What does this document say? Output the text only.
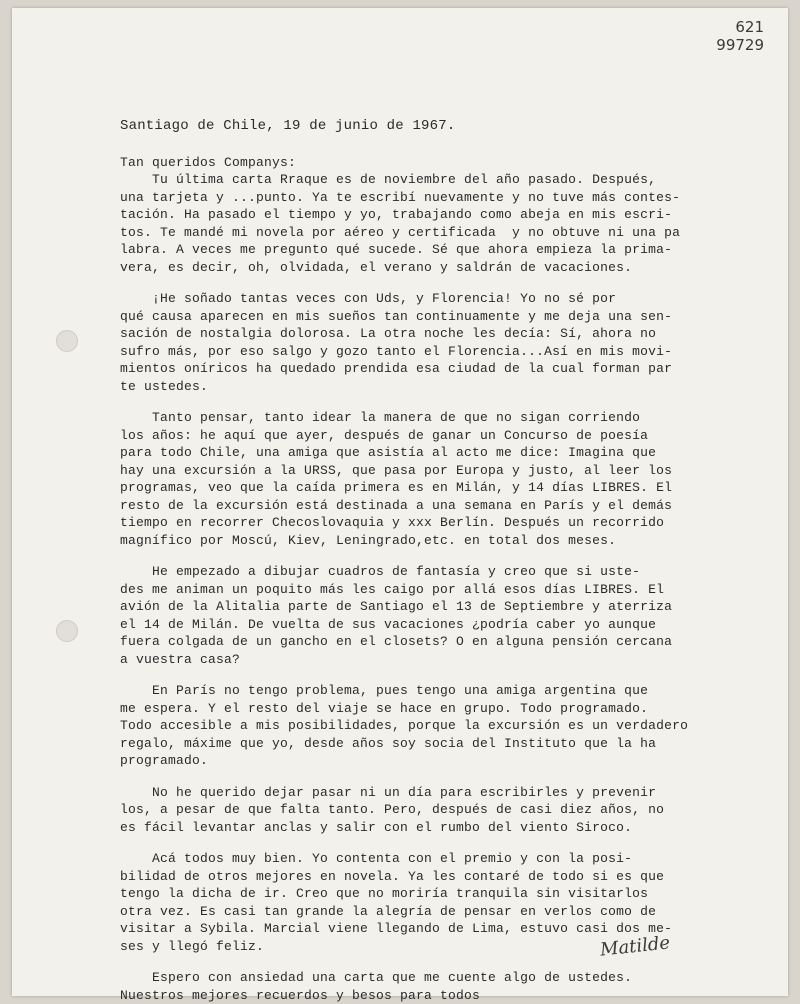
621
99729
Santiago de Chile, 19 de junio de 1967.
Tan queridos Companys:
Tu última carta Rraque es de noviembre del año pasado. Después,
una tarjeta y ...punto. Ya te escribí nuevamente y no tuve más contes-
tación. Ha pasado el tiempo y yo, trabajando como abeja en mis escri-
tos. Te mandé mi novela por aéreo y certificada  y no obtuve ni una pa
labra. A veces me pregunto qué sucede. Sé que ahora empieza la prima-
vera, es decir, oh, olvidada, el verano y saldrán de vacaciones.
¡He soñado tantas veces con Uds, y Florencia! Yo no sé por
qué causa aparecen en mis sueños tan continuamente y me deja una sen-
sación de nostalgia dolorosa. La otra noche les decía: Sí, ahora no
sufro más, por eso salgo y gozo tanto el Florencia...Así en mis movi-
mientos oníricos ha quedado prendida esa ciudad de la cual forman par
te ustedes.
Tanto pensar, tanto idear la manera de que no sigan corriendo
los años: he aquí que ayer, después de ganar un Concurso de poesía
para todo Chile, una amiga que asistía al acto me dice: Imagina que
hay una excursión a la URSS, que pasa por Europa y justo, al leer los
programas, veo que la caída primera es en Milán, y 14 días LIBRES. El
resto de la excursión está destinada a una semana en París y el demás
tiempo en recorrer Checoslovaquia y xxx Berlín. Después un recorrido
magnífico por Moscú, Kiev, Leningrado,etc. en total dos meses.
He empezado a dibujar cuadros de fantasía y creo que si uste-
des me animan un poquito más les caigo por allá esos días LIBRES. El
avión de la Alitalia parte de Santiago el 13 de Septiembre y aterriza
el 14 de Milán. De vuelta de sus vacaciones ¿podría caber yo aunque
fuera colgada de un gancho en el closets? O en alguna pensión cercana
a vuestra casa?
En París no tengo problema, pues tengo una amiga argentina que
me espera. Y el resto del viaje se hace en grupo. Todo programado.
Todo accesible a mis posibilidades, porque la excursión es un verdadero
regalo, máxime que yo, desde años soy socia del Instituto que la ha
programado.
No he querido dejar pasar ni un día para escribirles y prevenir
los, a pesar de que falta tanto. Pero, después de casi diez años, no
es fácil levantar anclas y salir con el rumbo del viento Siroco.
Acá todos muy bien. Yo contenta con el premio y con la posi-
bilidad de otros mejores en novela. Ya les contaré de todo si es que
tengo la dicha de ir. Creo que no moriría tranquila sin visitarlos
otra vez. Es casi tan grande la alegría de pensar en verlos como de
visitar a Sybila. Marcial viene llegando de Lima, estuvo casi dos me-
ses y llegó feliz.
Espero con ansiedad una carta que me cuente algo de ustedes.
Nuestros mejores recuerdos y besos para todos
Matilde
